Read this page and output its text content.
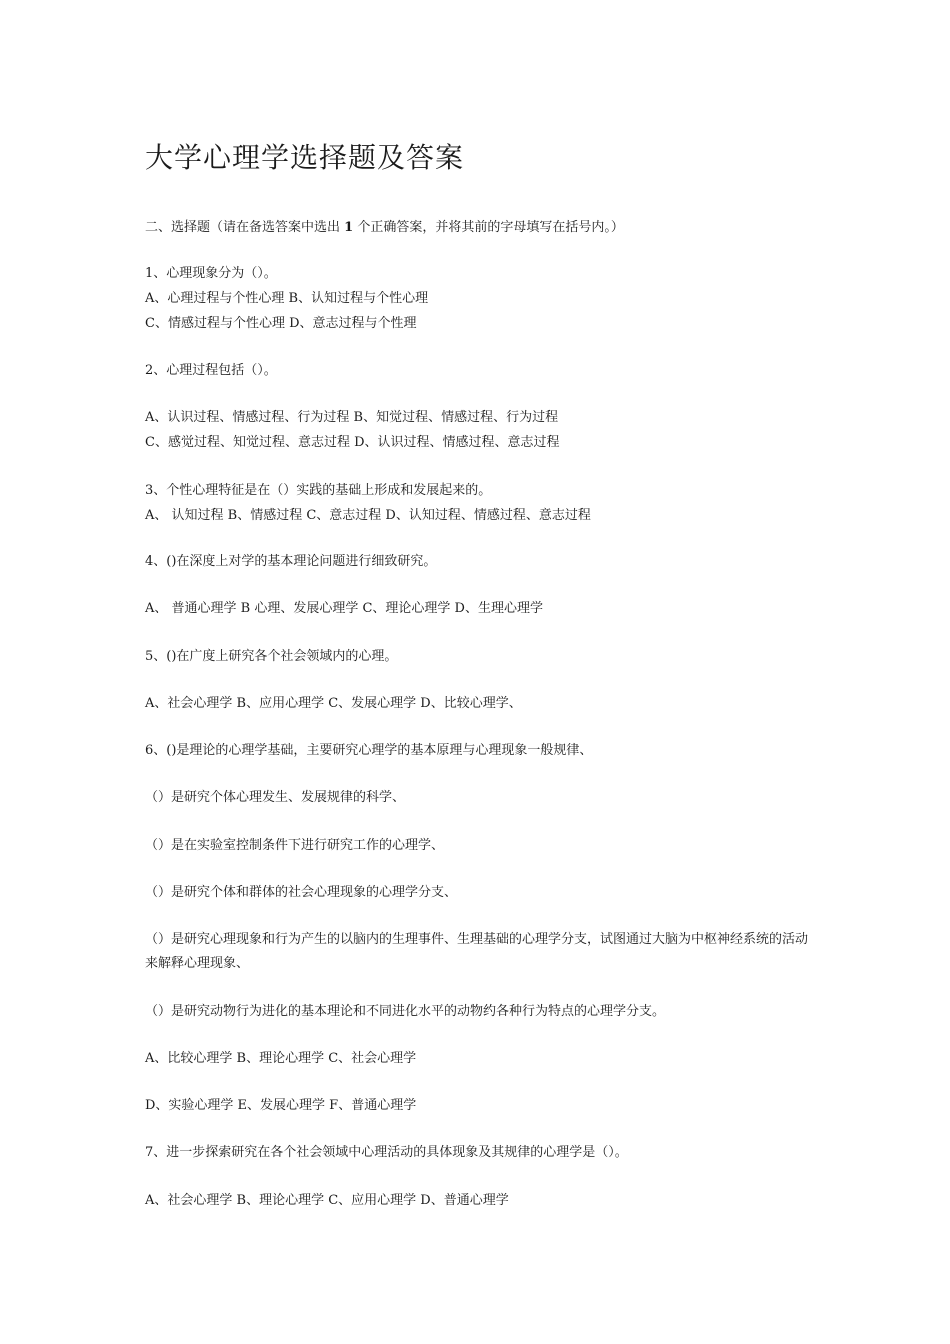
大学心理学选择题及答案
二、选择题（请在备选答案中选出 1 个正确答案，并将其前的字母填写在括号内。）
1、心理现象分为（）。
A、心理过程与个性心理 B、认知过程与个性心理
C、情感过程与个性心理 D、意志过程与个性理
2、心理过程包括（）。
A、认识过程、情感过程、行为过程 B、知觉过程、情感过程、行为过程
C、感觉过程、知觉过程、意志过程 D、认识过程、情感过程、意志过程
3、个性心理特征是在（）实践的基础上形成和发展起来的。
A、 认知过程 B、情感过程 C、意志过程 D、认知过程、情感过程、意志过程
4、()在深度上对学的基本理论问题进行细致研究。
A、 普通心理学 B 心理、发展心理学 C、理论心理学 D、生理心理学
5、()在广度上研究各个社会领域内的心理。
A、社会心理学 B、应用心理学 C、发展心理学 D、比较心理学、
6、()是理论的心理学基础，主要研究心理学的基本原理与心理现象一般规律、
（）是研究个体心理发生、发展规律的科学、
（）是在实验室控制条件下进行研究工作的心理学、
（）是研究个体和群体的社会心理现象的心理学分支、
（）是研究心理现象和行为产生的以脑内的生理事件、生理基础的心理学分支，试图通过大脑为中枢神经系统的活动来解释心理现象、
（）是研究动物行为进化的基本理论和不同进化水平的动物约各种行为特点的心理学分支。
A、比较心理学 B、理论心理学 C、社会心理学
D、实验心理学 E、发展心理学 F、普通心理学
7、进一步探索研究在各个社会领域中心理活动的具体现象及其规律的心理学是（）。
A、社会心理学 B、理论心理学 C、应用心理学 D、普通心理学
